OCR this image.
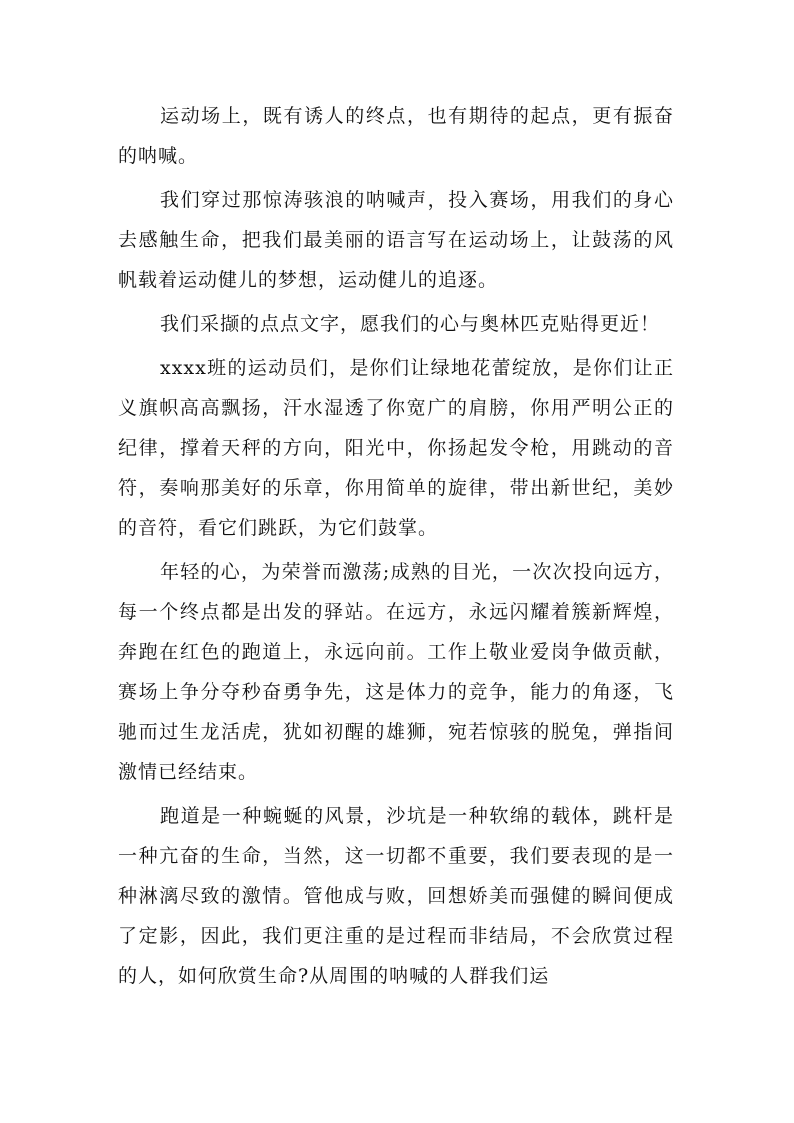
运动场上，既有诱人的终点，也有期待的起点，更有振奋的呐喊。

我们穿过那惊涛骇浪的呐喊声，投入赛场，用我们的身心去感触生命，把我们最美丽的语言写在运动场上，让鼓荡的风帆载着运动健儿的梦想，运动健儿的追逐。

我们采撷的点点文字，愿我们的心与奥林匹克贴得更近！

xxxx班的运动员们，是你们让绿地花蕾绽放，是你们让正义旗帜高高飘扬，汗水湿透了你宽广的肩膀，你用严明公正的纪律，撑着天秤的方向，阳光中，你扬起发令枪，用跳动的音符，奏响那美好的乐章，你用简单的旋律，带出新世纪，美妙的音符，看它们跳跃，为它们鼓掌。

年轻的心，为荣誉而激荡;成熟的目光，一次次投向远方，每一个终点都是出发的驿站。在远方，永远闪耀着簇新辉煌，奔跑在红色的跑道上，永远向前。工作上敬业爱岗争做贡献，赛场上争分夺秒奋勇争先，这是体力的竞争，能力的角逐，飞驰而过生龙活虎，犹如初醒的雄狮，宛若惊骇的脱兔，弹指间激情已经结束。

跑道是一种蜿蜒的风景，沙坑是一种软绵的载体，跳杆是一种亢奋的生命，当然，这一切都不重要，我们要表现的是一种淋漓尽致的激情。管他成与败，回想娇美而强健的瞬间便成了定影，因此，我们更注重的是过程而非结局，不会欣赏过程的人，如何欣赏生命?从周围的呐喊的人群我们运
